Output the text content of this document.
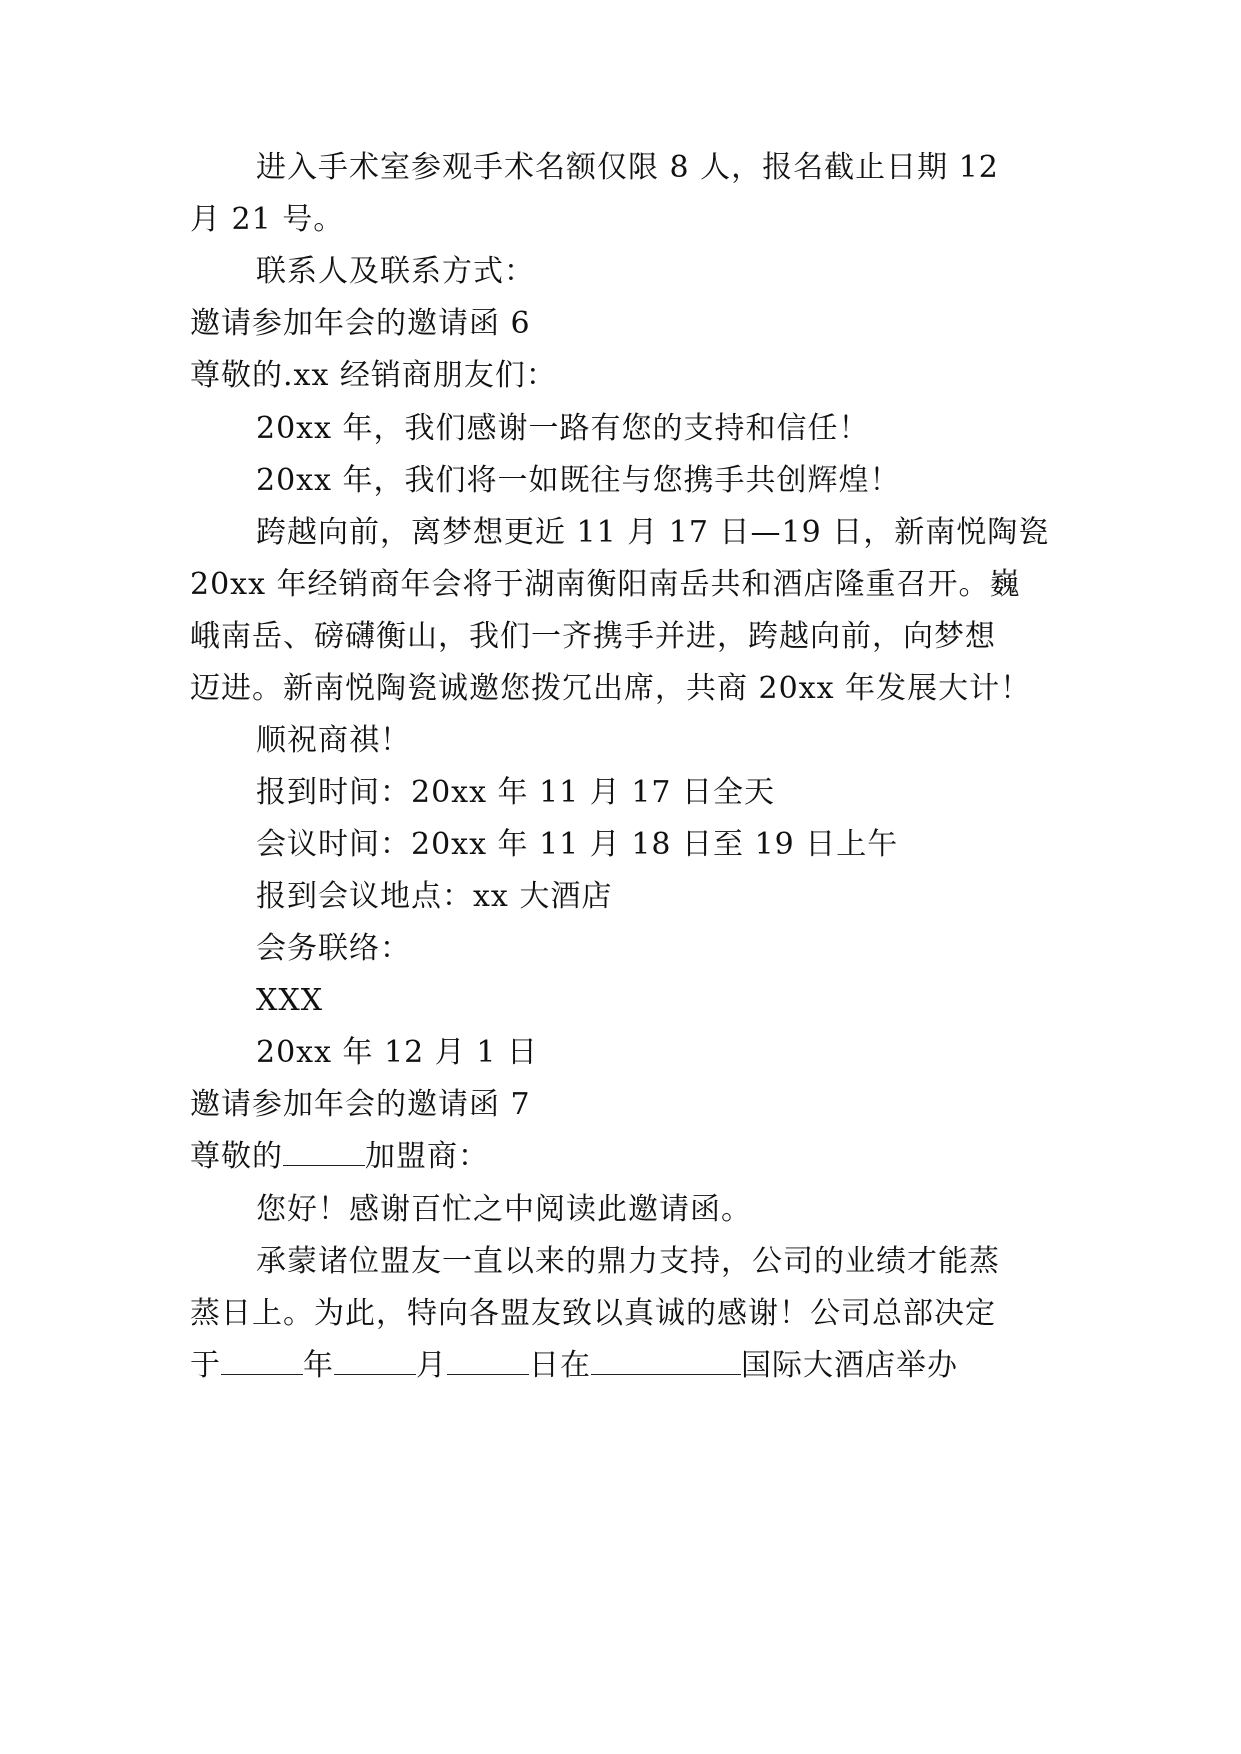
进入手术室参观手术名额仅限 8 人，报名截止日期 12
月 21 号。
联系人及联系方式：
邀请参加年会的邀请函 6
尊敬的.xx 经销商朋友们：
20xx 年，我们感谢一路有您的支持和信任！
20xx 年，我们将一如既往与您携手共创辉煌！
跨越向前，离梦想更近 11 月 17 日—19 日，新南悦陶瓷
20xx 年经销商年会将于湖南衡阳南岳共和酒店隆重召开。巍
峨南岳、磅礴衡山，我们一齐携手并进，跨越向前，向梦想
迈进。新南悦陶瓷诚邀您拨冗出席，共商 20xx 年发展大计！
顺祝商祺！
报到时间：20xx 年 11 月 17 日全天
会议时间：20xx 年 11 月 18 日至 19 日上午
报到会议地点：xx 大酒店
会务联络：
XXX
20xx 年 12 月 1 日
邀请参加年会的邀请函 7
尊敬的	加盟商：
您好！感谢百忙之中阅读此邀请函。
承蒙诸位盟友一直以来的鼎力支持，公司的业绩才能蒸
蒸日上。为此，特向各盟友致以真诚的感谢！公司总部决定
于	年	月	日在	国际大酒店举办
